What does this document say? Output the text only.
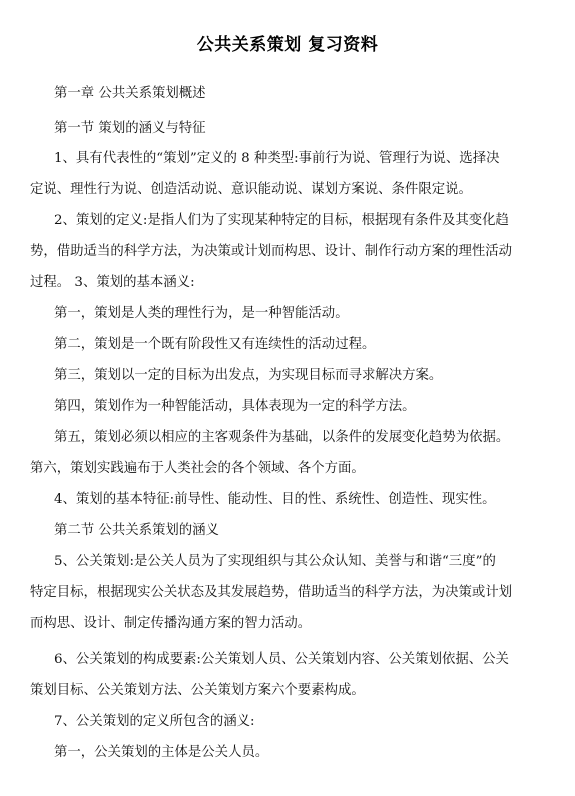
公共关系策划 复习资料

第一章 公共关系策划概述

第一节 策划的涵义与特征

1、具有代表性的“策划”定义的 8 种类型:事前行为说、管理行为说、选择决
定说、理性行为说、创造活动说、意识能动说、谋划方案说、条件限定说。

2、策划的定义:是指人们为了实现某种特定的目标，根据现有条件及其变化趋
势，借助适当的科学方法，为决策或计划而构思、设计、制作行动方案的理性活动
过程。 3、策划的基本涵义:

第一，策划是人类的理性行为，是一种智能活动。

第二，策划是一个既有阶段性又有连续性的活动过程。

第三，策划以一定的目标为出发点，为实现目标而寻求解决方案。

第四，策划作为一种智能活动，具体表现为一定的科学方法。

第五，策划必须以相应的主客观条件为基础，以条件的发展变化趋势为依据。

第六，策划实践遍布于人类社会的各个领域、各个方面。

4、策划的基本特征:前导性、能动性、目的性、系统性、创造性、现实性。

第二节 公共关系策划的涵义

5、公关策划:是公关人员为了实现组织与其公众认知、美誉与和谐“三度”的
特定目标，根据现实公关状态及其发展趋势，借助适当的科学方法，为决策或计划
而构思、设计、制定传播沟通方案的智力活动。

6、公关策划的构成要素:公关策划人员、公关策划内容、公关策划依据、公关
策划目标、公关策划方法、公关策划方案六个要素构成。

7、公关策划的定义所包含的涵义:

第一，公关策划的主体是公关人员。
